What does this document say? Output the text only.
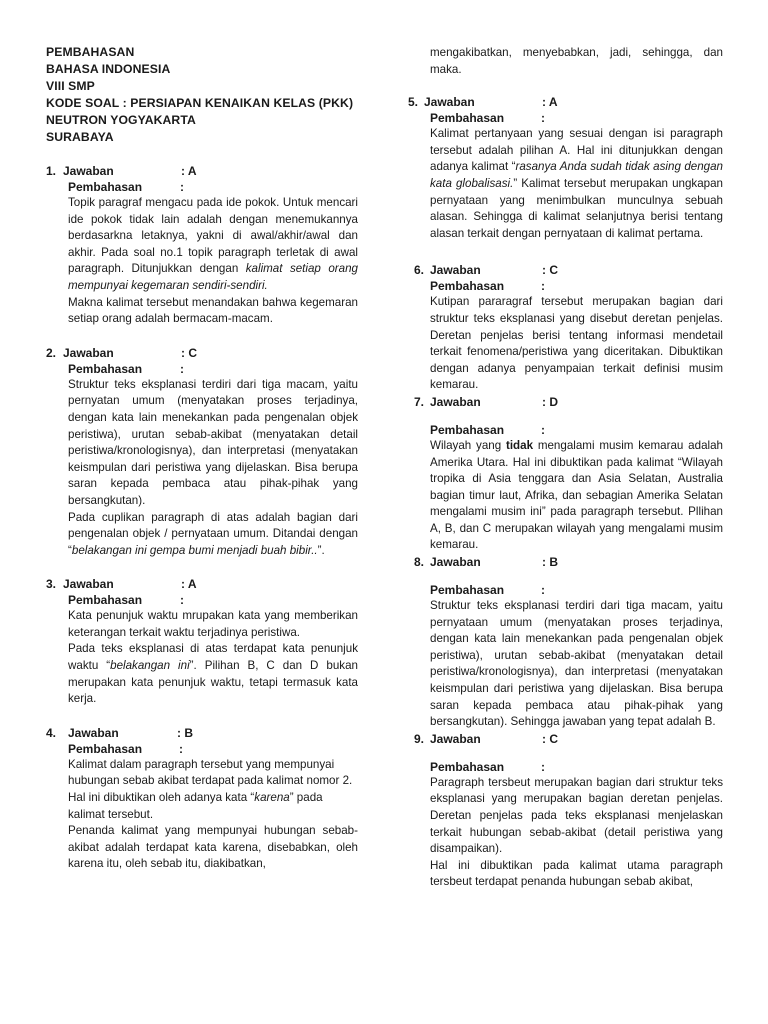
PEMBAHASAN
BAHASA INDONESIA
VIII SMP
KODE SOAL : PERSIAPAN KENAIKAN KELAS (PKK)
NEUTRON YOGYAKARTA
SURABAYA
1. Jawaban	: A
Pembahasan	:

Topik paragraf mengacu pada ide pokok. Untuk mencari ide pokok tidak lain adalah dengan menemukannya berdasarkna letaknya, yakni di awal/akhir/awal dan akhir. Pada soal no.1 topik paragraph terletak di awal paragraph. Ditunjukkan dengan kalimat setiap orang mempunyai kegemaran sendiri-sendiri.

Makna kalimat tersebut menandakan bahwa kegemaran setiap orang adalah bermacam-macam.

2. Jawaban	: C
Pembahasan	:

Struktur teks eksplanasi terdiri dari tiga macam, yaitu pernyatan umum (menyatakan proses terjadinya, dengan kata lain menekankan pada pengenalan objek peristiwa), urutan sebab-akibat (menyatakan detail peristiwa/kronologisnya), dan interpretasi (menyatakan keismpulan dari peristiwa yang dijelaskan. Bisa berupa saran kepada pembaca atau pihak-pihak yang bersangkutan).

Pada cuplikan paragraph di atas adalah bagian dari pengenalan objek / pernyataan umum. Ditandai dengan “belakangan ini gempa bumi menjadi buah bibir..”.

3. Jawaban	: A
Pembahasan	:

Kata penunjuk waktu mrupakan kata yang memberikan keterangan terkait waktu terjadinya peristiwa.

Pada teks eksplanasi di atas terdapat kata penunjuk waktu “belakangan ini”. Pilihan B, C dan D bukan merupakan kata penunjuk waktu, tetapi termasuk kata kerja.

4. Jawaban	: B
Pembahasan	:

Kalimat dalam paragraph tersebut yang mempunyai hubungan sebab akibat terdapat pada kalimat nomor 2. Hal ini dibuktikan oleh adanya kata “karena” pada kalimat tersebut.

Penanda kalimat yang mempunyai hubungan sebab-akibat adalah terdapat kata karena, disebabkan, oleh karena itu, oleh sebab itu, diakibatkan,

mengakibatkan, menyebabkan, jadi, sehingga, dan maka.

5. Jawaban	: A
Pembahasan	:

Kalimat pertanyaan yang sesuai dengan isi paragraph tersebut adalah pilihan A. Hal ini ditunjukkan dengan adanya kalimat “rasanya Anda sudah tidak asing dengan kata globalisasi.” Kalimat tersebut merupakan ungkapan pernyataan yang menimbulkan munculnya sebuah alasan. Sehingga di kalimat selanjutnya berisi tentang alasan terkait dengan pernyataan di kalimat pertama.

6. Jawaban	: C
Pembahasan	:

Kutipan pararagraf tersebut merupakan bagian dari struktur teks eksplanasi yang disebut deretan penjelas. Deretan penjelas berisi tentang informasi mendetail terkait fenomena/peristiwa yang diceritakan. Dibuktikan dengan adanya penyampaian terkait definisi musim kemarau.

7. Jawaban	: D
Pembahasan	:

Wilayah yang tidak mengalami musim kemarau adalah Amerika Utara. Hal ini dibuktikan pada kalimat “Wilayah tropika di Asia tenggara dan Asia Selatan, Australia bagian timur laut, Afrika, dan sebagian Amerika Selatan mengalami musim ini” pada paragraph tersebut. Pllihan A, B, dan C merupakan wilayah yang mengalami musim kemarau.

8. Jawaban	: B
Pembahasan	:

Struktur teks eksplanasi terdiri dari tiga macam, yaitu pernyataan umum (menyatakan proses terjadinya, dengan kata lain menekankan pada pengenalan objek peristiwa), urutan sebab-akibat (menyatakan detail peristiwa/kronologisnya), dan interpretasi (menyatakan keismpulan dari peristiwa yang dijelaskan. Bisa berupa saran kepada pembaca atau pihak-pihak yang bersangkutan). Sehingga jawaban yang tepat adalah B.

9. Jawaban	: C
Pembahasan	:

Paragraph tersbeut merupakan bagian dari struktur teks eksplanasi yang merupakan bagian deretan penjelas. Deretan penjelas pada teks eksplanasi menjelaskan terkait hubungan sebab-akibat (detail peristiwa yang disampaikan).

Hal ini dibuktikan pada kalimat utama paragraph tersbeut terdapat penanda hubungan sebab akibat,
